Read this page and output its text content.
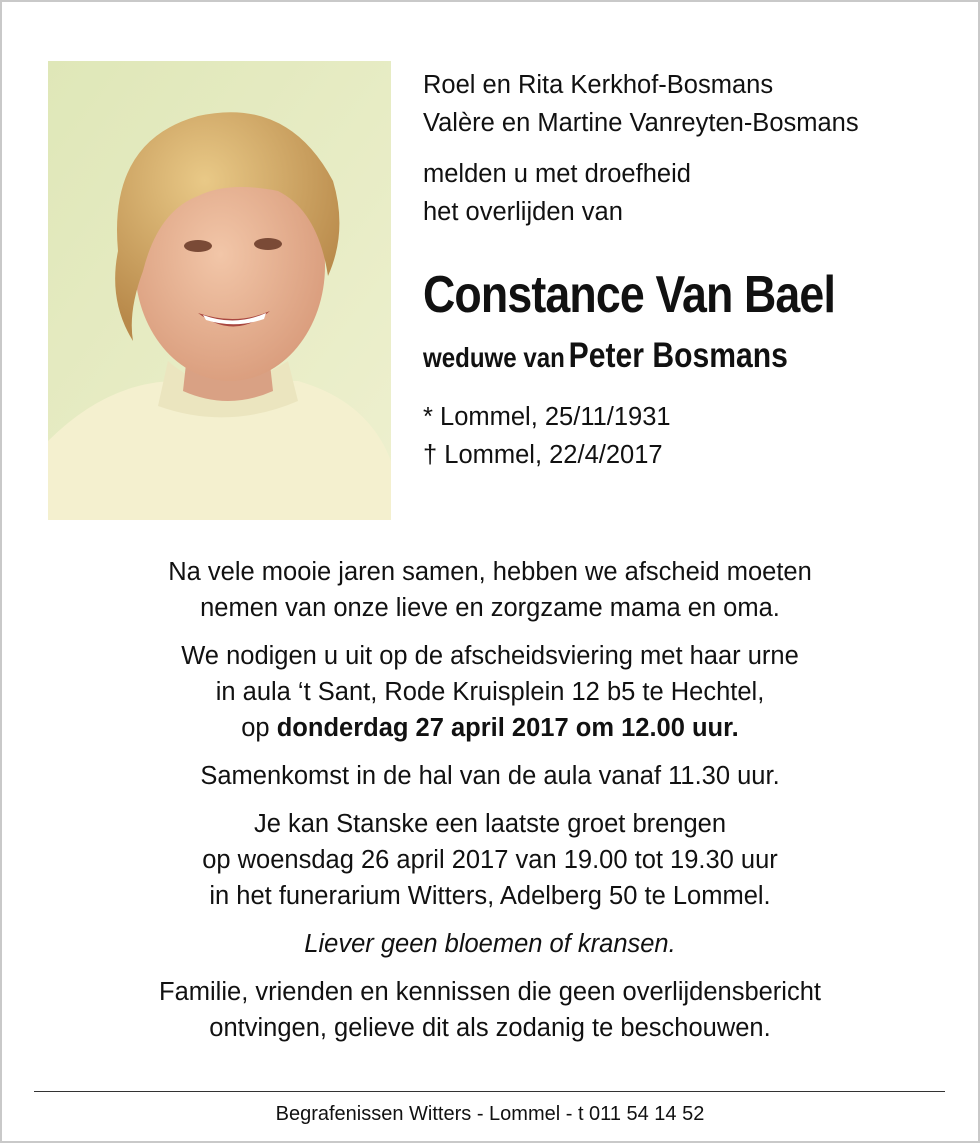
Roel en Rita Kerkhof-Bosmans
Valère en Martine Vanreyten-Bosmans
melden u met droefheid
het overlijden van
Constance Van Bael
weduwe van Peter Bosmans
* Lommel, 25/11/1931
† Lommel, 22/4/2017
Na vele mooie jaren samen, hebben we afscheid moeten
nemen van onze lieve en zorgzame mama en oma.
We nodigen u uit op de afscheidsviering met haar urne
in aula ‘t Sant, Rode Kruisplein 12 b5 te Hechtel,
op donderdag 27 april 2017 om 12.00 uur.
Samenkomst in de hal van de aula vanaf 11.30 uur.
Je kan Stanske een laatste groet brengen
op woensdag 26 april 2017 van 19.00 tot 19.30 uur
in het funerarium Witters, Adelberg 50 te Lommel.
Liever geen bloemen of kransen.
Familie, vrienden en kennissen die geen overlijdensbericht
ontvingen, gelieve dit als zodanig te beschouwen.
Begrafenissen Witters - Lommel - t 011 54 14 52
